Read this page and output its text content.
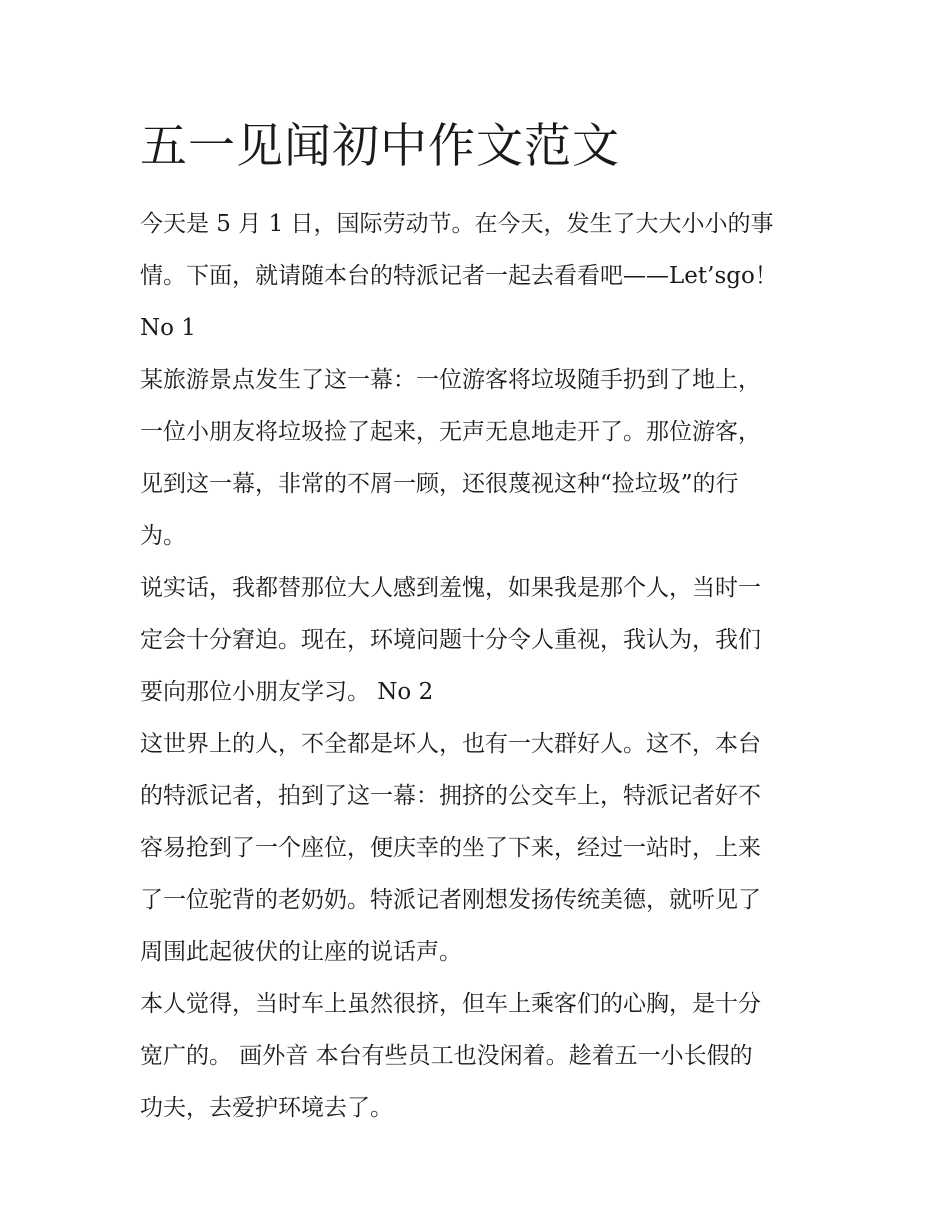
五一见闻初中作文范文

今天是 5 月 1 日，国际劳动节。在今天，发生了大大小小的事
情。下面，就请随本台的特派记者一起去看看吧——Let’sgo！
No 1

某旅游景点发生了这一幕：一位游客将垃圾随手扔到了地上，
一位小朋友将垃圾捡了起来，无声无息地走开了。那位游客，
见到这一幕，非常的不屑一顾，还很蔑视这种“捡垃圾”的行
为。

说实话，我都替那位大人感到羞愧，如果我是那个人，当时一
定会十分窘迫。现在，环境问题十分令人重视，我认为，我们
要向那位小朋友学习。 No 2

这世界上的人，不全都是坏人，也有一大群好人。这不，本台
的特派记者，拍到了这一幕：拥挤的公交车上，特派记者好不
容易抢到了一个座位，便庆幸的坐了下来，经过一站时，上来
了一位驼背的老奶奶。特派记者刚想发扬传统美德，就听见了
周围此起彼伏的让座的说话声。

本人觉得，当时车上虽然很挤，但车上乘客们的心胸，是十分
宽广的。 画外音 本台有些员工也没闲着。趁着五一小长假的
功夫，去爱护环境去了。
